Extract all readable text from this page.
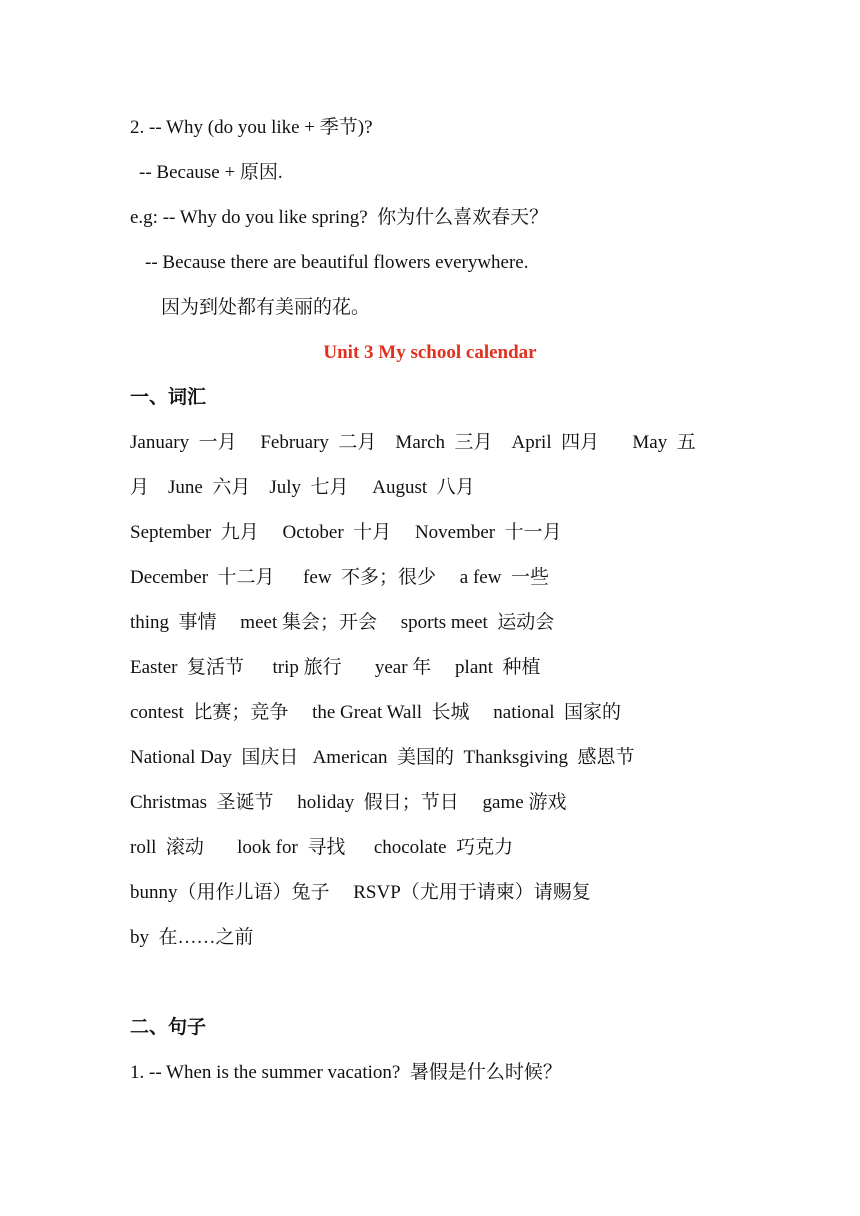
2. -- Why (do you like + 季节)?
-- Because + 原因.
e.g: -- Why do you like spring?  你为什么喜欢春天？
-- Because there are beautiful flowers everywhere.
因为到处都有美丽的花。
Unit 3 My school calendar
一、词汇
January  一月     February  二月    March  三月    April  四月       May  五
月    June  六月    July  七月     August  八月
September  九月     October  十月     November  十一月
December  十二月      few  不多；很少     a few  一些
thing  事情     meet 集会；开会     sports meet  运动会
Easter  复活节      trip 旅行       year 年     plant  种植
contest  比赛；竞争     the Great Wall  长城     national  国家的
National Day  国庆日   American  美国的  Thanksgiving  感恩节
Christmas  圣诞节     holiday  假日；节日     game 游戏
roll  滚动       look for  寻找      chocolate  巧克力
bunny（用作儿语）兔子     RSVP（尤用于请柬）请赐复
by  在……之前
二、句子
1. -- When is the summer vacation?  暑假是什么时候？
